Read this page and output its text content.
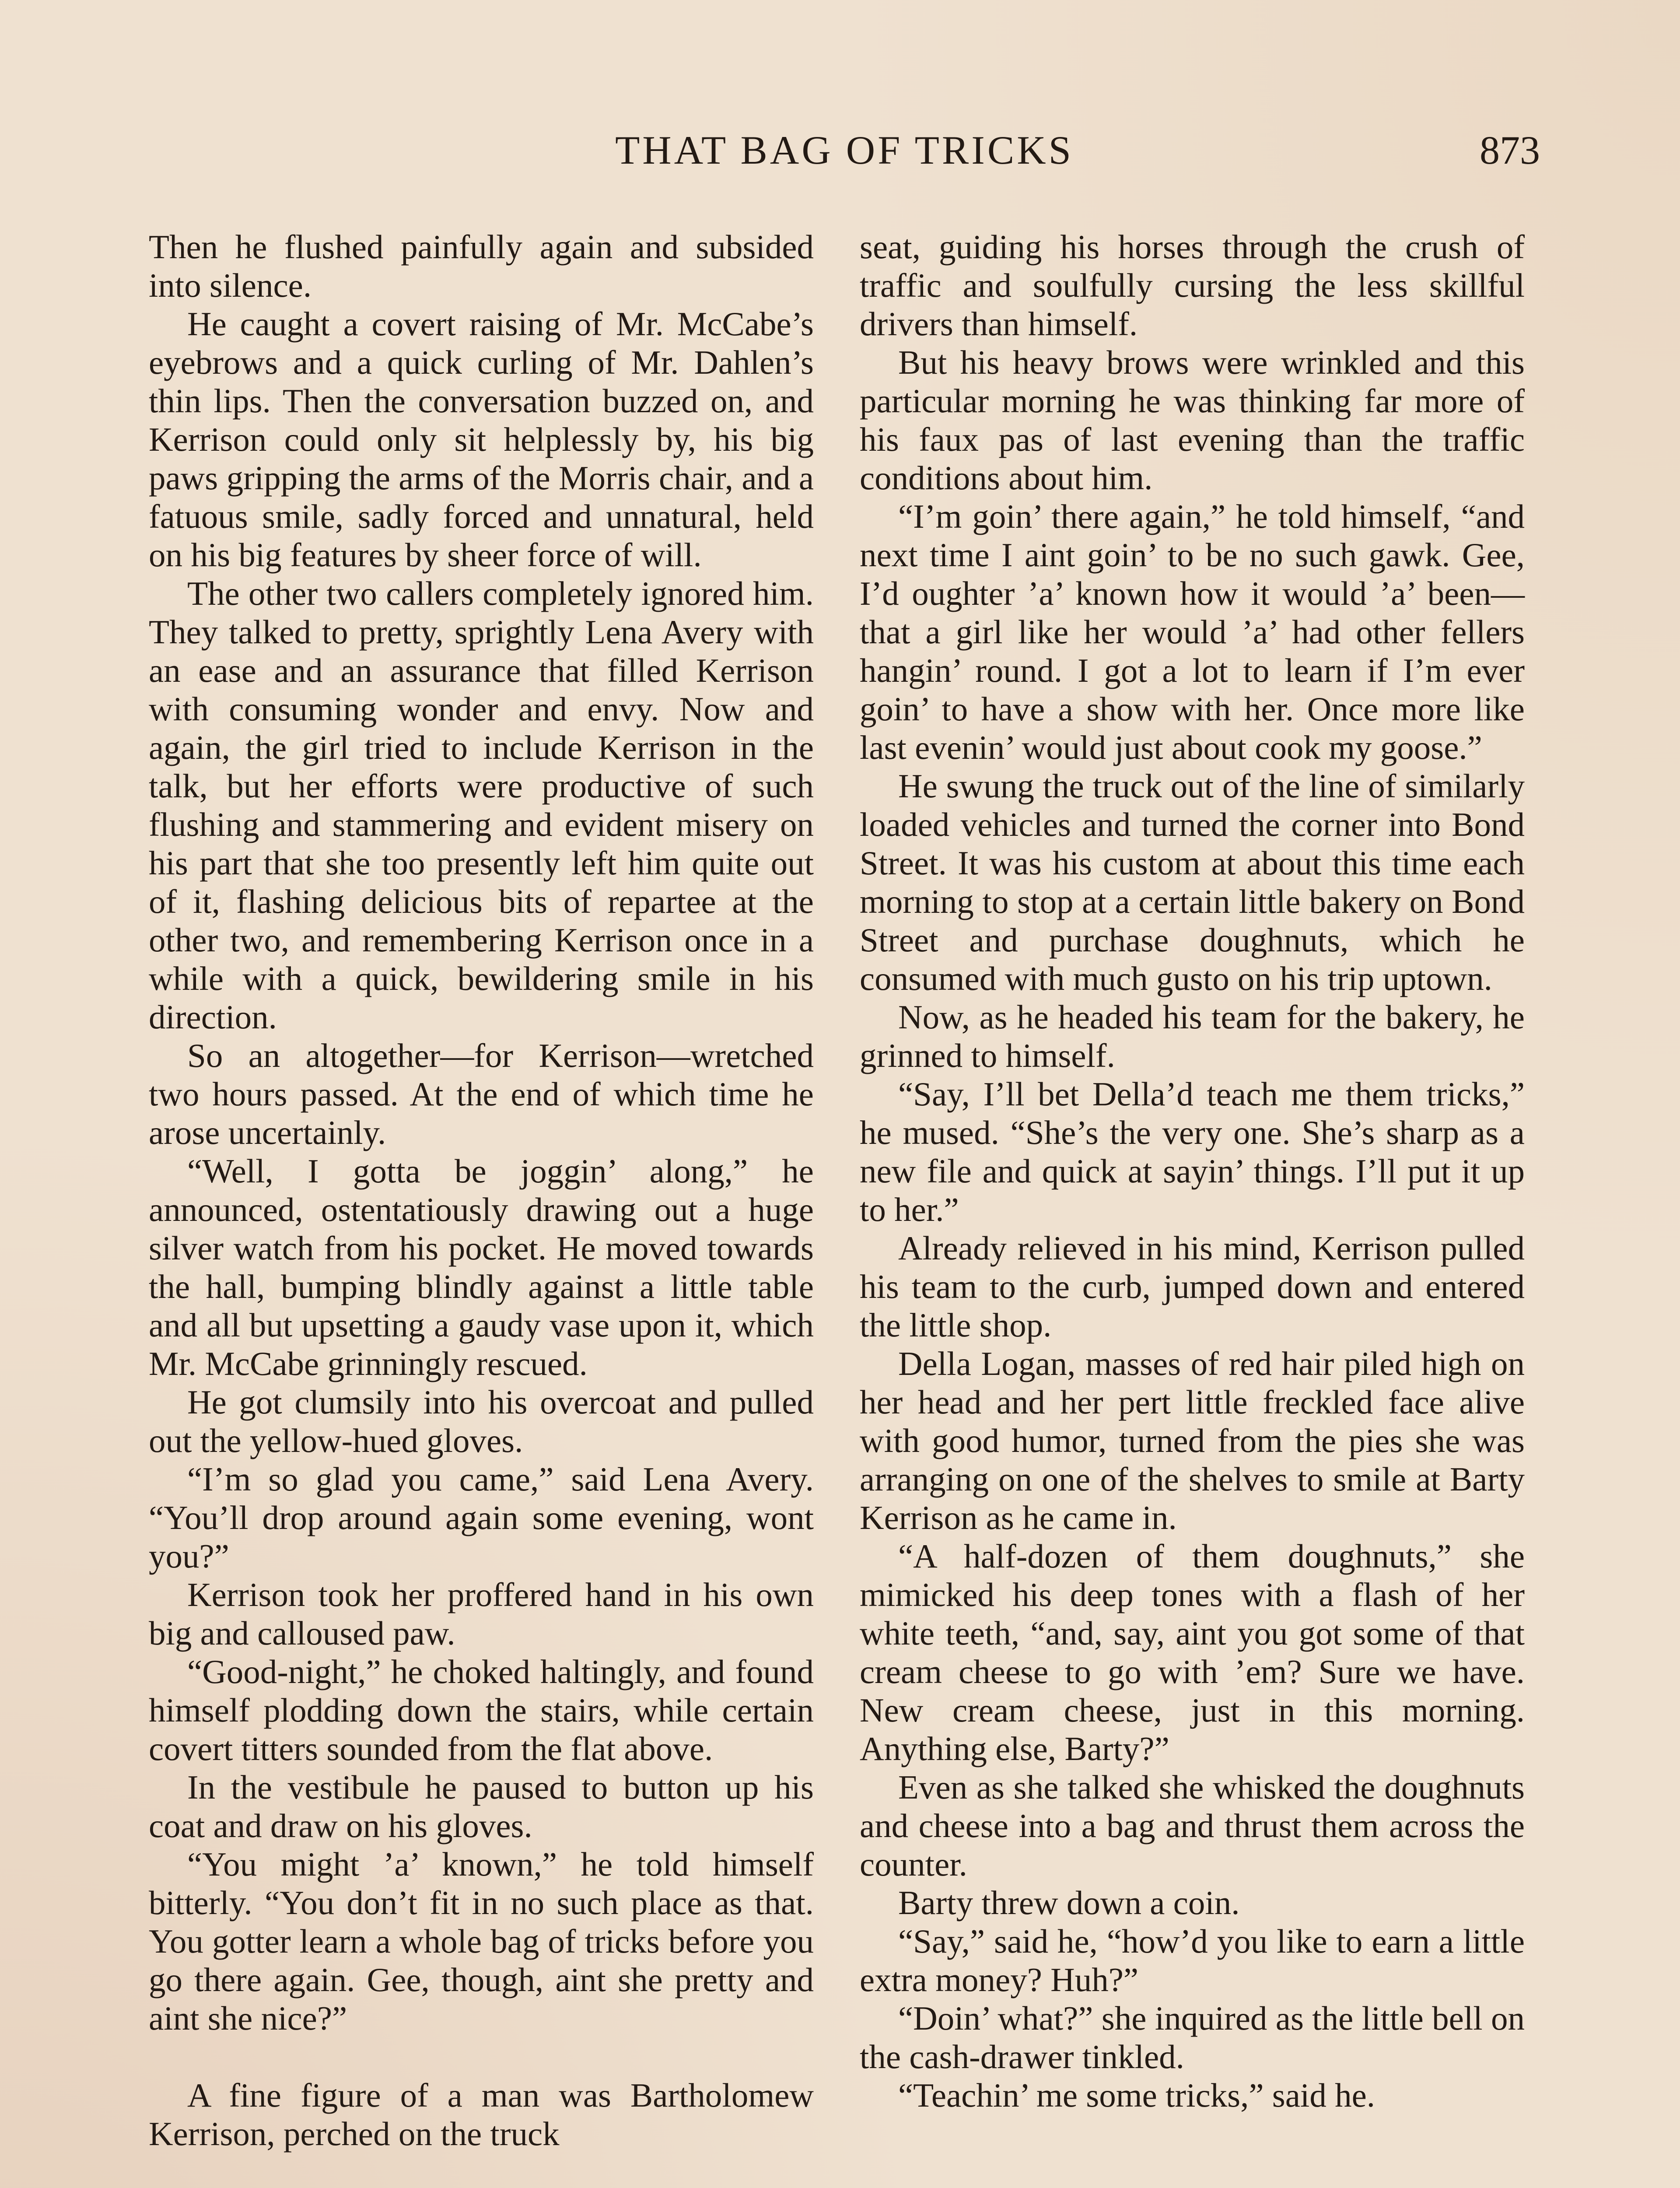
THAT BAG OF TRICKS	873

Then he flushed painfully again and subsided into silence.

He caught a covert raising of Mr. McCabe’s eyebrows and a quick curling of Mr. Dahlen’s thin lips. Then the conversation buzzed on, and Kerrison could only sit helplessly by, his big paws gripping the arms of the Morris chair, and a fatuous smile, sadly forced and unnatural, held on his big features by sheer force of will.

The other two callers completely ignored him. They talked to pretty, sprightly Lena Avery with an ease and an assurance that filled Kerrison with consuming wonder and envy. Now and again, the girl tried to include Kerrison in the talk, but her efforts were productive of such flushing and stammering and evident misery on his part that she too presently left him quite out of it, flashing delicious bits of repartee at the other two, and remembering Kerrison once in a while with a quick, bewildering smile in his direction.

So an altogether—for Kerrison—wretched two hours passed. At the end of which time he arose uncertainly.

“Well, I gotta be joggin’ along,” he announced, ostentatiously drawing out a huge silver watch from his pocket. He moved towards the hall, bumping blindly against a little table and all but upsetting a gaudy vase upon it, which Mr. McCabe grinningly rescued.

He got clumsily into his overcoat and pulled out the yellow-hued gloves.

“I’m so glad you came,” said Lena Avery. “You’ll drop around again some evening, wont you?”

Kerrison took her proffered hand in his own big and calloused paw.

“Good-night,” he choked haltingly, and found himself plodding down the stairs, while certain covert titters sounded from the flat above.

In the vestibule he paused to button up his coat and draw on his gloves.

“You might ’a’ known,” he told himself bitterly. “You don’t fit in no such place as that. You gotter learn a whole bag of tricks before you go there again. Gee, though, aint she pretty and aint she nice?”

A fine figure of a man was Bartholomew Kerrison, perched on the truck

seat, guiding his horses through the crush of traffic and soulfully cursing the less skillful drivers than himself.

But his heavy brows were wrinkled and this particular morning he was thinking far more of his faux pas of last evening than the traffic conditions about him.

“I’m goin’ there again,” he told himself, “and next time I aint goin’ to be no such gawk. Gee, I’d oughter ’a’ known how it would ’a’ been—that a girl like her would ’a’ had other fellers hangin’ round. I got a lot to learn if I’m ever goin’ to have a show with her. Once more like last evenin’ would just about cook my goose.”

He swung the truck out of the line of similarly loaded vehicles and turned the corner into Bond Street. It was his custom at about this time each morning to stop at a certain little bakery on Bond Street and purchase doughnuts, which he consumed with much gusto on his trip uptown.

Now, as he headed his team for the bakery, he grinned to himself.

“Say, I’ll bet Della’d teach me them tricks,” he mused. “She’s the very one. She’s sharp as a new file and quick at sayin’ things. I’ll put it up to her.”

Already relieved in his mind, Kerrison pulled his team to the curb, jumped down and entered the little shop.

Della Logan, masses of red hair piled high on her head and her pert little freckled face alive with good humor, turned from the pies she was arranging on one of the shelves to smile at Barty Kerrison as he came in.

“A half-dozen of them doughnuts,” she mimicked his deep tones with a flash of her white teeth, “and, say, aint you got some of that cream cheese to go with ’em? Sure we have. New cream cheese, just in this morning. Anything else, Barty?”

Even as she talked she whisked the doughnuts and cheese into a bag and thrust them across the counter.

Barty threw down a coin.

“Say,” said he, “how’d you like to earn a little extra money? Huh?”

“Doin’ what?” she inquired as the little bell on the cash-drawer tinkled.

“Teachin’ me some tricks,” said he.
